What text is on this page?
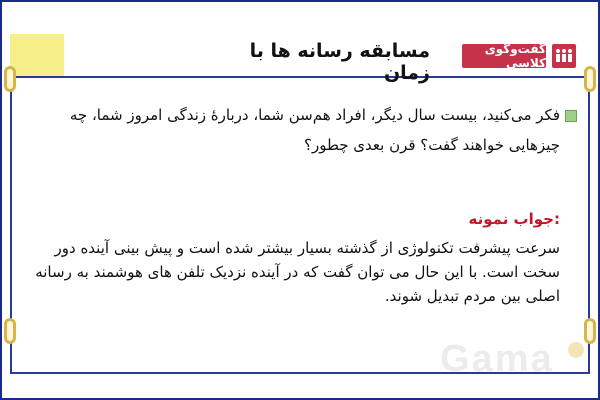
مسابقه رسانه ها با زمان
گفت‌وگوی کلاسی
فکر می‌کنید، بیست سال دیگر، افراد هم‌سن شما، دربارهٔ زندگی امروز شما، چه چیزهایی خواهند گفت؟ قرن بعدی چطور؟
:جواب نمونه
سرعت پیشرفت تکنولوژی از گذشته بسیار بیشتر شده است و پیش بینی آینده دور سخت است. با این حال می توان گفت که در آینده نزدیک تلفن های هوشمند به رسانه اصلی بین مردم تبدیل شوند.
Gama
